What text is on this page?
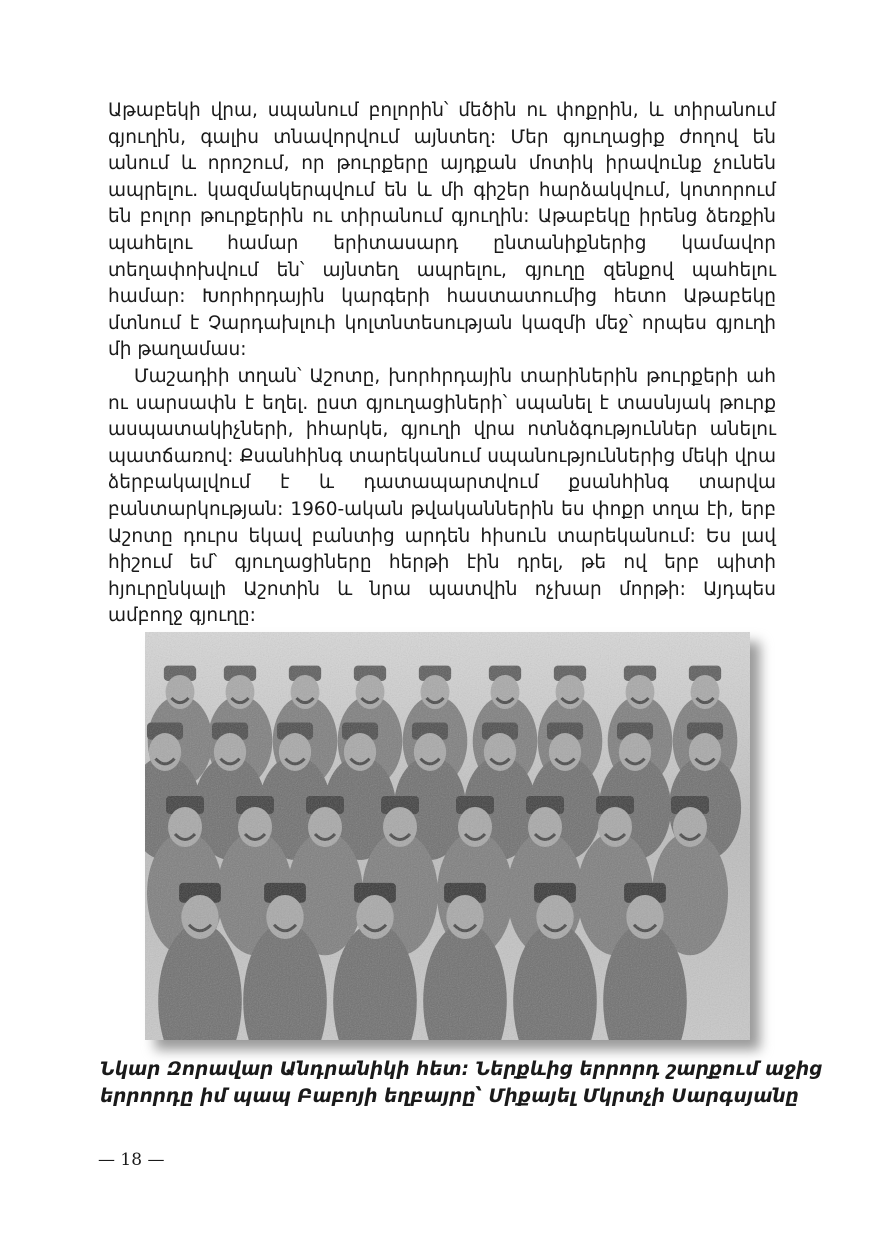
Աթաբեկի վրա, սպանում բոլորին՝ մեծին ու փոքրին, և տիրանում գյուղին, գալիս տնավորվում այնտեղ: Մեր գյուղացիք ժողով են անում և որոշում, որ թուրքերը այդքան մոտիկ իրավունք չունեն ապրելու. կազմակերպվում են և մի գիշեր հարձակվում, կոտորում են բոլոր թուրքերին ու տիրանում գյուղին: Աթաբեկը իրենց ձեռքին պահելու համար երիտասարդ ընտանիքներից կամավոր տեղափոխվում են՝ այնտեղ ապրելու, գյուղը զենքով պահելու համար: Խորհրդային կարգերի հաստատումից հետո Աթաբեկը մտնում է Չարդախլուի կոլտնտեսության կազմի մեջ՝ որպես գյուղի մի թաղամաս:

Մաշադիի տղան՝ Աշոտը, խորհրդային տարիներին թուրքերի ահ ու սարսափն է եղել. ըստ գյուղացիների՝ սպանել է տասնյակ թուրք ասպատակիչների, իհարկե, գյուղի վրա ոտնձգություններ անելու պատճառով: Քսանհինգ տարեկանում սպանություններից մեկի վրա ձերբակալվում է և դատապարտվում քսանհինգ տարվա բանտարկության: 1960-ական թվականներին ես փոքր տղա էի, երբ Աշոտը դուրս եկավ բանտից արդեն հիսուն տարեկանում: Ես լավ հիշում եմ՝ գյուղացիները հերթի էին դրել, թե ով երբ պիտի հյուրընկալի Աշոտին և նրա պատվին ոչխար մորթի: Այդպես ամբողջ գյուղը:

Նկար Զորավար Անդրանիկի հետ: Ներքևից երրորդ շարքում աջից
երրորդը իմ պապ Բաբոյի եղբայրը՝ Միքայել Մկրտչի Սարգսյանը
— 18 —
